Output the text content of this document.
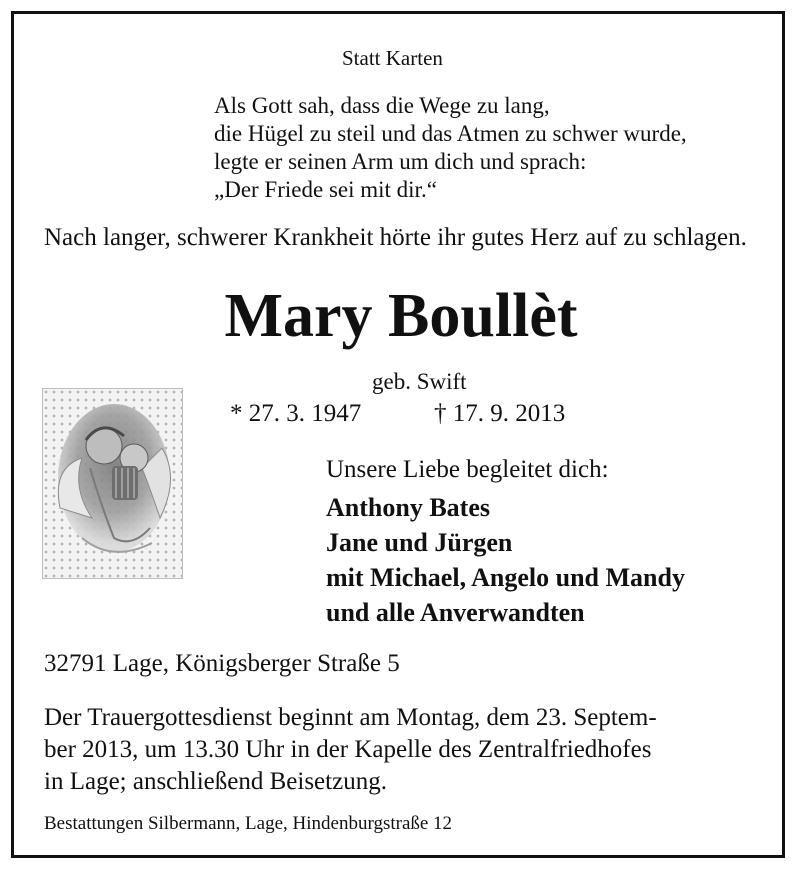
Statt Karten
Als Gott sah, dass die Wege zu lang,
die Hügel zu steil und das Atmen zu schwer wurde,
legte er seinen Arm um dich und sprach:
„Der Friede sei mit dir.“
Nach langer, schwerer Krankheit hörte ihr gutes Herz auf zu schlagen.
Mary Boullèt
geb. Swift
* 27. 3. 1947	† 17. 9. 2013
Unsere Liebe begleitet dich:
Anthony Bates
Jane und Jürgen
mit Michael, Angelo und Mandy
und alle Anverwandten
32791 Lage, Königsberger Straße 5
Der Trauergottesdienst beginnt am Montag, dem 23. Septem-
ber 2013, um 13.30 Uhr in der Kapelle des Zentralfriedhofes
in Lage; anschließend Beisetzung.
Bestattungen Silbermann, Lage, Hindenburgstraße 12
